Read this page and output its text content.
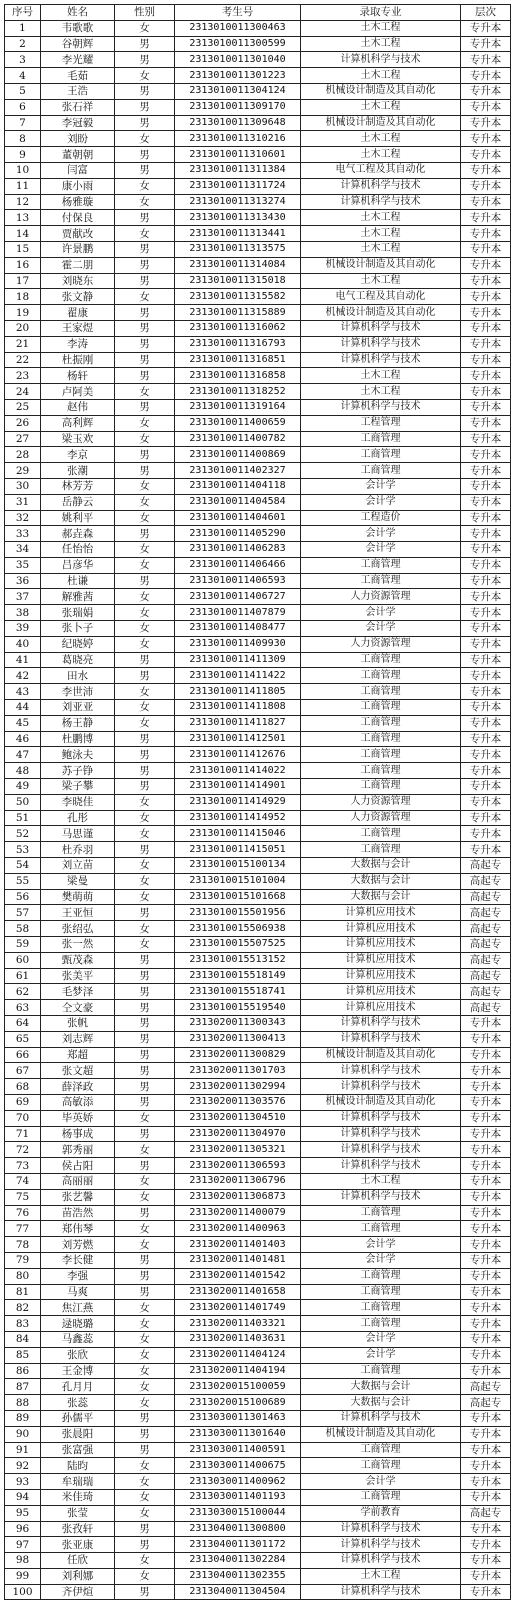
序号	姓名	性别	考生号	录取专业	层次
1	韦歌歌	女	2313010011300463	土木工程	专升本
2	谷朝辉	男	2313010011300599	土木工程	专升本
3	李光耀	男	2313010011301040	计算机科学与技术	专升本
4	毛茹	女	2313010011301223	土木工程	专升本
5	王浩	男	2313010011304124	机械设计制造及其自动化	专升本
6	张石祥	男	2313010011309170	土木工程	专升本
7	李冠毅	男	2313010011309648	机械设计制造及其自动化	专升本
8	刘盼	女	2313010011310216	土木工程	专升本
9	董朝朝	男	2313010011310601	土木工程	专升本
10	闫富	男	2313010011311384	电气工程及其自动化	专升本
11	康小雨	女	2313010011311724	计算机科学与技术	专升本
12	杨雅璇	女	2313010011313274	计算机科学与技术	专升本
13	付保良	男	2313010011313430	土木工程	专升本
14	贾献改	女	2313010011313441	土木工程	专升本
15	许景鹏	男	2313010011313575	土木工程	专升本
16	霍二朋	男	2313010011314084	机械设计制造及其自动化	专升本
17	刘晓东	男	2313010011315018	土木工程	专升本
18	张文静	女	2313010011315582	电气工程及其自动化	专升本
19	翟康	男	2313010011315889	机械设计制造及其自动化	专升本
20	王家煜	男	2313010011316062	计算机科学与技术	专升本
21	李涛	男	2313010011316793	计算机科学与技术	专升本
22	杜振刚	男	2313010011316851	计算机科学与技术	专升本
23	杨轩	男	2313010011316858	土木工程	专升本
24	卢阿美	女	2313010011318252	土木工程	专升本
25	赵伟	男	2313010011319164	计算机科学与技术	专升本
26	高利辉	女	2313010011400659	工程管理	专升本
27	梁玉欢	女	2313010011400782	工商管理	专升本
28	李京	男	2313010011400869	工商管理	专升本
29	张潮	男	2313010011402327	工商管理	专升本
30	林芳芳	女	2313010011404118	会计学	专升本
31	岳静云	女	2313010011404584	会计学	专升本
32	姚利平	女	2313010011404601	工程造价	专升本
33	郝垚森	男	2313010011405290	会计学	专升本
34	任怡怡	女	2313010011406283	会计学	专升本
35	吕彦华	女	2313010011406466	工商管理	专升本
36	杜谦	男	2313010011406593	工商管理	专升本
37	解雅茜	女	2313010011406727	人力资源管理	专升本
38	张瑞娟	女	2313010011407879	会计学	专升本
39	张卜子	女	2313010011408477	会计学	专升本
40	纪晓婷	女	2313010011409930	人力资源管理	专升本
41	葛晓亮	男	2313010011411309	工商管理	专升本
42	田水	男	2313010011411422	工商管理	专升本
43	李世沛	女	2313010011411805	工商管理	专升本
44	刘亚亚	女	2313010011411808	工商管理	专升本
45	杨王静	女	2313010011411827	工商管理	专升本
46	杜鹏博	男	2313010011412501	工商管理	专升本
47	鲍泳夫	男	2313010011412676	工商管理	专升本
48	苏子铮	男	2313010011414022	工商管理	专升本
49	梁子攀	男	2313010011414901	工商管理	专升本
50	李晓佳	女	2313010011414929	人力资源管理	专升本
51	孔彤	女	2313010011414952	人力资源管理	专升本
52	马思谨	女	2313010011415046	工商管理	专升本
53	杜乔羽	男	2313010011415051	工商管理	专升本
54	刘立苗	女	2313010015100134	大数据与会计	高起专
55	梁曼	女	2313010015101004	大数据与会计	高起专
56	樊萌萌	女	2313010015101668	大数据与会计	高起专
57	王亚恒	男	2313010015501956	计算机应用技术	高起专
58	张绍弘	女	2313010015506938	计算机应用技术	高起专
59	张一然	女	2313010015507525	计算机应用技术	高起专
60	甄茂森	男	2313010015513152	计算机应用技术	高起专
61	张美平	男	2313010015518149	计算机应用技术	高起专
62	毛梦泽	男	2313010015518741	计算机应用技术	高起专
63	仝文豪	男	2313010015519540	计算机应用技术	高起专
64	张帆	男	2313020011300343	计算机科学与技术	专升本
65	刘志辉	男	2313020011300413	计算机科学与技术	专升本
66	郑超	男	2313020011300829	机械设计制造及其自动化	专升本
67	张文超	男	2313020011301703	计算机科学与技术	专升本
68	薛泽政	男	2313020011302994	计算机科学与技术	专升本
69	高敏添	男	2313020011303576	机械设计制造及其自动化	专升本
70	毕英娇	女	2313020011304510	计算机科学与技术	专升本
71	杨事成	男	2313020011304970	计算机科学与技术	专升本
72	郭秀丽	女	2313020011305321	计算机科学与技术	专升本
73	侯占阳	男	2313020011306593	计算机科学与技术	专升本
74	高丽丽	女	2313020011306796	土木工程	专升本
75	张艺馨	女	2313020011306873	计算机科学与技术	专升本
76	苗浩然	男	2313020011400079	工商管理	专升本
77	郑伟琴	女	2313020011400963	工商管理	专升本
78	刘芳燃	女	2313020011401403	会计学	专升本
79	李长健	男	2313020011401481	会计学	专升本
80	李强	男	2313020011401542	工商管理	专升本
81	马爽	男	2313020011401658	工商管理	专升本
82	焦江燕	女	2313020011401749	工商管理	专升本
83	逯晓璐	女	2313020011403321	工商管理	专升本
84	马鑫蕊	女	2313020011403631	会计学	专升本
85	张欣	女	2313020011404124	会计学	专升本
86	王金博	女	2313020011404194	工商管理	专升本
87	孔月月	女	2313020015100059	大数据与会计	高起专
88	张蕊	女	2313020015100689	大数据与会计	高起专
89	孙儒平	男	2313030011301463	计算机科学与技术	专升本
90	张晨阳	男	2313030011301640	机械设计制造及其自动化	专升本
91	张富强	男	2313030011400591	工商管理	专升本
92	陆昀	女	2313030011400675	工商管理	专升本
93	牟瑞瑞	女	2313030011400962	会计学	专升本
94	米佳琦	女	2313030011401193	工商管理	专升本
95	张莹	女	2313030015100044	学前教育	高起专
96	张孜轩	男	2313040011300800	计算机科学与技术	专升本
97	张亚康	男	2313040011301172	计算机科学与技术	专升本
98	任欣	女	2313040011302284	计算机科学与技术	专升本
99	刘利娜	女	2313040011302355	土木工程	专升本
100	齐伊煊	男	2313040011304504	计算机科学与技术	专升本
